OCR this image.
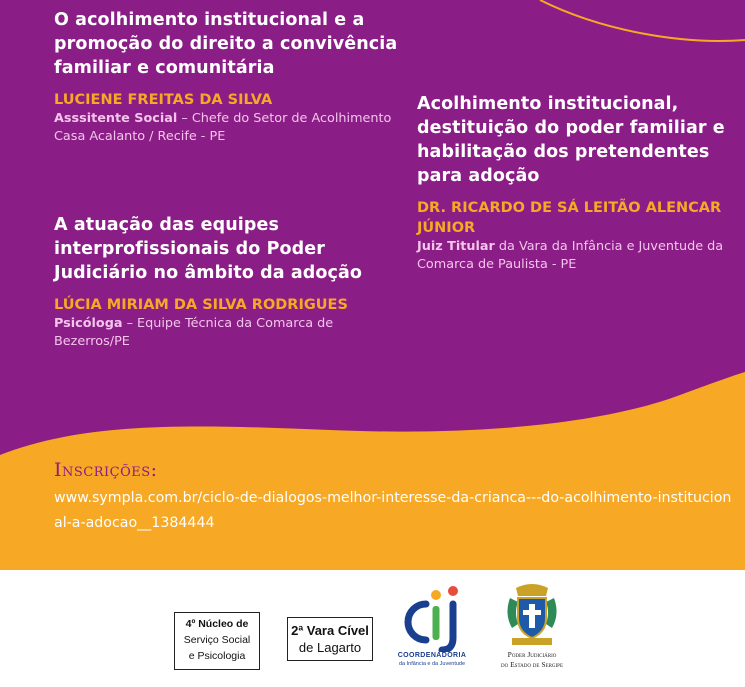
O acolhimento institucional e a promoção do direito a convivência familiar e comunitária
LUCIENE FREITAS DA SILVA
Asssitente Social – Chefe do Setor de Acolhimento Casa Acalanto / Recife - PE
A atuação das equipes interprofissionais do Poder Judiciário no âmbito da adoção
LÚCIA MIRIAM DA SILVA RODRIGUES
Psicóloga – Equipe Técnica da Comarca de Bezerros/PE
Acolhimento institucional, destituição do poder familiar e habilitação dos pretendentes para adoção
DR. RICARDO DE SÁ LEITÃO ALENCAR JÚNIOR
Juiz Titular da Vara da Infância e Juventude da Comarca de Paulista - PE
Inscrições:
www.sympla.com.br/ciclo-de-dialogos-melhor-interesse-da-crianca---do-acolhimento-institucional-a-adocao__1384444
4º Núcleo de
Serviço Social
e Psicologia
2ª Vara Cível
de Lagarto
COORDENADORIA
da Infância e da Juventude
Poder Judiciário
do Estado de Sergipe
